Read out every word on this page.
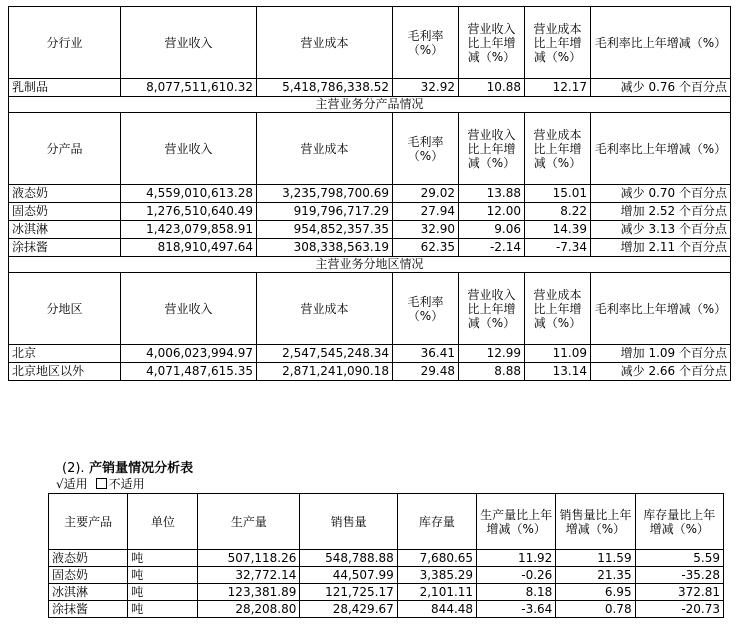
分行业	营业收入	营业成本	毛利率（%）	营业收入比上年增减（%）	营业成本比上年增减（%）	毛利率比上年增减（%）
乳制品	8,077,511,610.32	5,418,786,338.52	32.92	10.88	12.17	减少 0.76 个百分点
主营业务分产品情况						
分产品	营业收入	营业成本	毛利率（%）	营业收入比上年增减（%）	营业成本比上年增减（%）	毛利率比上年增减（%）
液态奶	4,559,010,613.28	3,235,798,700.69	29.02	13.88	15.01	减少 0.70 个百分点
固态奶	1,276,510,640.49	919,796,717.29	27.94	12.00	8.22	增加 2.52 个百分点
冰淇淋	1,423,079,858.91	954,852,357.35	32.90	9.06	14.39	减少 3.13 个百分点
涂抹酱	818,910,497.64	308,338,563.19	62.35	-2.14	-7.34	增加 2.11 个百分点
主营业务分地区情况						
分地区	营业收入	营业成本	毛利率（%）	营业收入比上年增减（%）	营业成本比上年增减（%）	毛利率比上年增减（%）
北京	4,006,023,994.97	2,547,545,248.34	36.41	12.99	11.09	增加 1.09 个百分点
北京地区以外	4,071,487,615.35	2,871,241,090.18	29.48	8.88	13.14	减少 2.66 个百分点
(2). 产销量情况分析表
√适用 不适用
主要产品	单位	生产量	销售量	库存量	生产量比上年增减（%）	销售量比上年增减（%）	库存量比上年增减（%）
液态奶	吨	507,118.26	548,788.88	7,680.65	11.92	11.59	5.59
固态奶	吨	32,772.14	44,507.99	3,385.29	-0.26	21.35	-35.28
冰淇淋	吨	123,381.89	121,725.17	2,101.11	8.18	6.95	372.81
涂抹酱	吨	28,208.80	28,429.67	844.48	-3.64	0.78	-20.73
